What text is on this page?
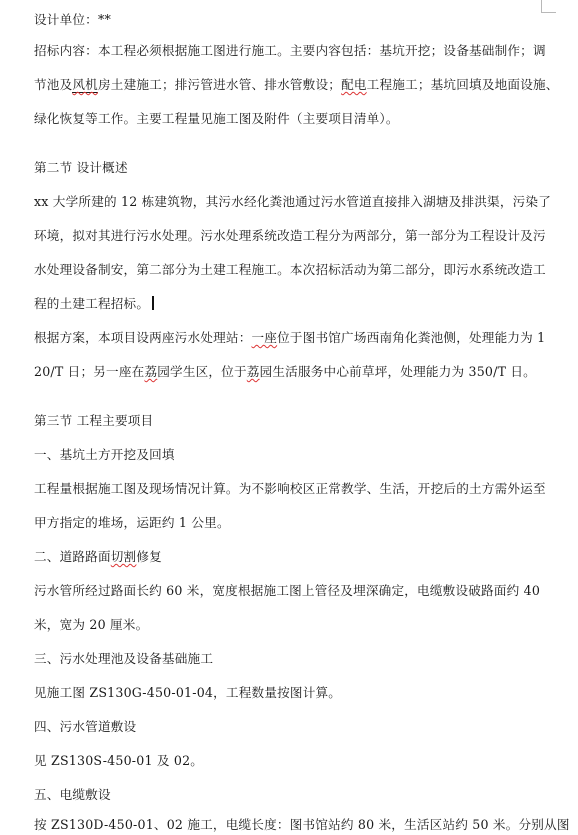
设计单位：**
招标内容：本工程必须根据施工图进行施工。主要内容包括：基坑开挖；设备基础制作；调
节池及风机房土建施工；排污管进水管、排水管敷设；配电工程施工；基坑回填及地面设施、
绿化恢复等工作。主要工程量见施工图及附件（主要项目清单）。
第二节 设计概述
xx 大学所建的 12 栋建筑物，其污水经化粪池通过污水管道直接排入湖塘及排洪渠，污染了
环境，拟对其进行污水处理。污水处理系统改造工程分为两部分，第一部分为工程设计及污
水处理设备制安，第二部分为土建工程施工。本次招标活动为第二部分，即污水系统改造工
程的土建工程招标。
根据方案，本项目设两座污水处理站：一座位于图书馆广场西南角化粪池侧，处理能力为 1
20/T 日；另一座在荔园学生区，位于荔园生活服务中心前草坪，处理能力为 350/T 日。
第三节 工程主要项目
一、基坑土方开挖及回填
工程量根据施工图及现场情况计算。为不影响校区正常教学、生活，开挖后的土方需外运至
甲方指定的堆场，运距约 1 公里。
二、道路路面切割修复
污水管所经过路面长约 60 米，宽度根据施工图上管径及埋深确定，电缆敷设破路面约 40
米，宽为 20 厘米。
三、污水处理池及设备基础施工
见施工图 ZS130G-450-01-04，工程数量按图计算。
四、污水管道敷设
见 ZS130S-450-01 及 02。
五、电缆敷设
按 ZS130D-450-01、02 施工，电缆长度：图书馆站约 80 米，生活区站约 50 米。分别从图
